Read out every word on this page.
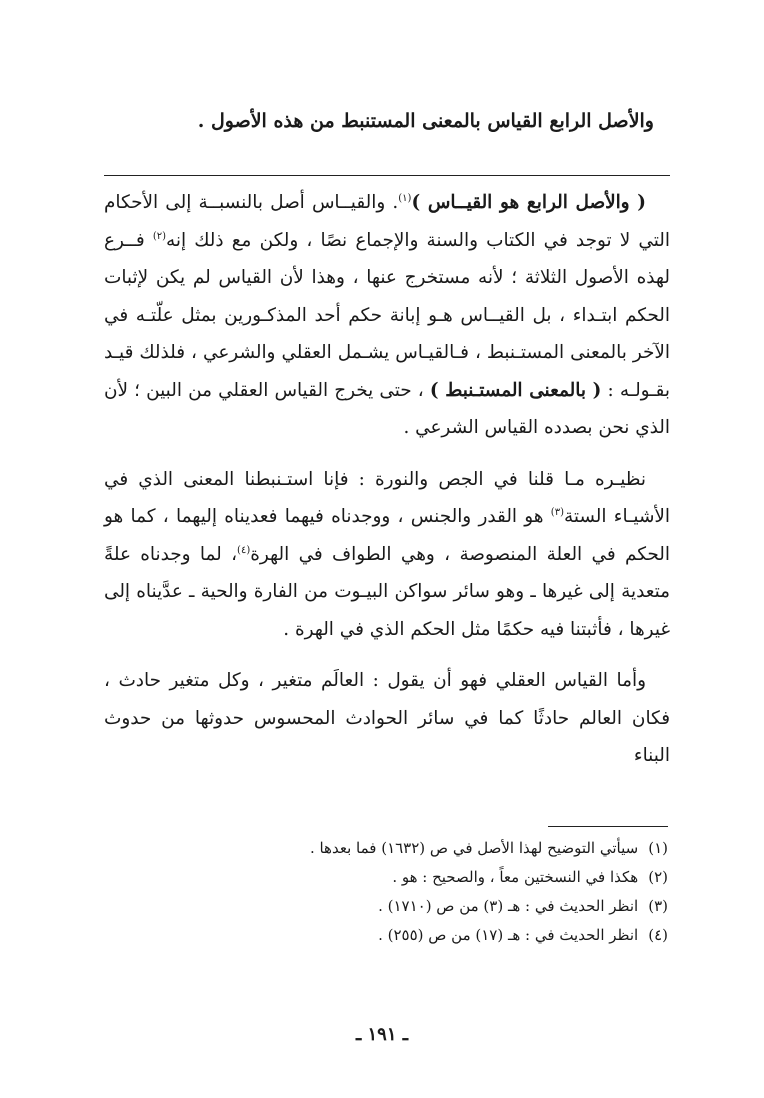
والأصل الرابع القياس بالمعنى المستنبط من هذه الأصول .

( والأصل الرابع هو القيــاس )$^{(١)}$. والقيــاس أصل بالنسبــة إلى الأحكام التي لا توجد في الكتاب والسنة والإجماع نصًا ، ولكن مع ذلك إنه$^{(٢)}$ فــرع لهذه الأصول الثلاثة ؛ لأنه مستخرج عنها ، وهذا لأن القياس لم يكن لإثبات الحكم ابتـداء ، بل القيــاس هـو إبانة حكم أحد المذكـورين بمثل علّتـه في الآخر بالمعنى المستـنبط ، فـالقيـاس يشـمل العقلي والشرعي ، فلذلك قيـد بقـولـه : ( بالمعنى المستـنبط ) ، حتى يخرج القياس العقلي من البين ؛ لأن الذي نحن بصدده القياس الشرعي .

نظيـره مـا قلنا في الجص والنورة : فإنا استـنبطنا المعنى الذي في الأشيـاء الستة$^{(٣)}$ هو القدر والجنس ، ووجدناه فيهما فعديناه إليهما ، كما هو الحكم في العلة المنصوصة ، وهي الطواف في الهرة$^{(٤)}$، لما وجدناه علةً متعدية إلى غيرها ـ وهو سائر سواكن البيـوت من الفارة والحية ـ عدَّيناه إلى غيرها ، فأثبتنا فيه حكمًا مثل الحكم الذي في الهرة .

وأما القياس العقلي فهو أن يقول : العالَم متغير ، وكل متغير حادث ، فكان العالم حادثًا كما في سائر الحوادث المحسوس حدوثها من حدوث البناء

(١)سيأتي التوضيح لهذا الأصل في ص (١٦٣٢) فما بعدها .
(٢)هكذا في النسختين معاً ، والصحيح : هو .
(٣)انظر الحديث في : هـ (٣) من ص (١٧١٠) .
(٤)انظر الحديث في : هـ (١٧) من ص (٢٥٥) .
ـ ١٩١ ـ
